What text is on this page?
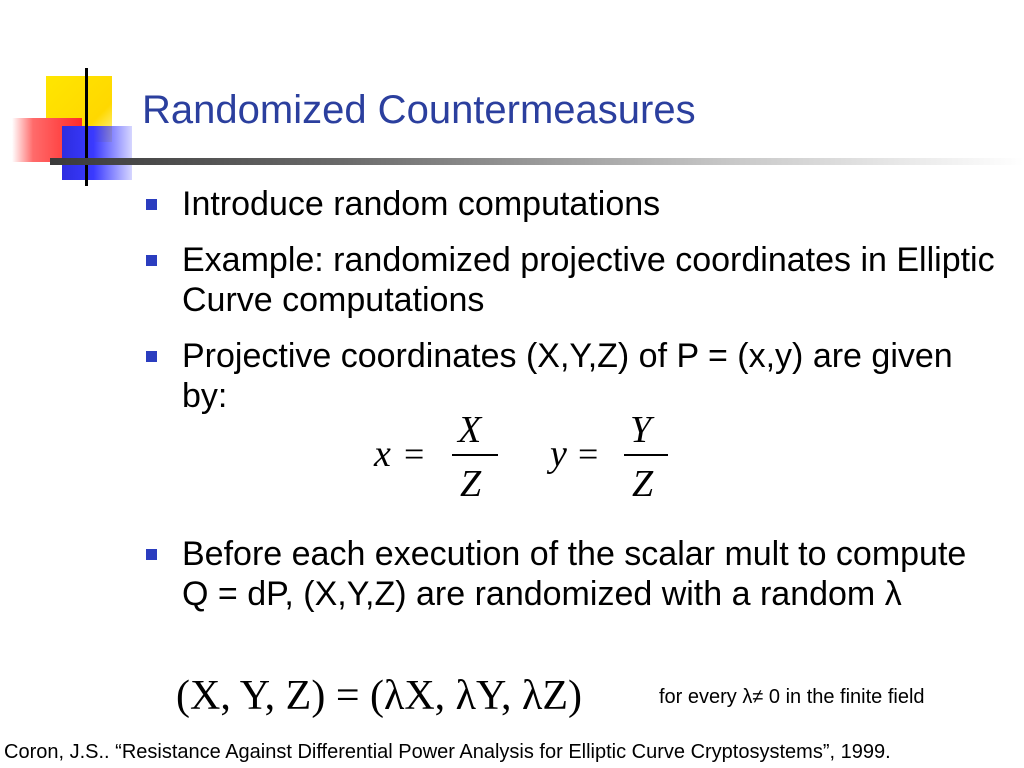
Randomized Countermeasures
Introduce random computations
Example: randomized projective coordinates in Elliptic Curve computations
Projective coordinates (X,Y,Z) of P = (x,y) are given by:
Before each execution of the scalar mult to compute Q = dP, (X,Y,Z) are randomized with a random λ
x =
X
Z
y =
Y
Z
(X, Y, Z) = (λX, λY, λZ)	for every λ≠ 0 in the finite field
Coron, J.S.. “Resistance Against Differential Power Analysis for Elliptic Curve Cryptosystems”, 1999.
